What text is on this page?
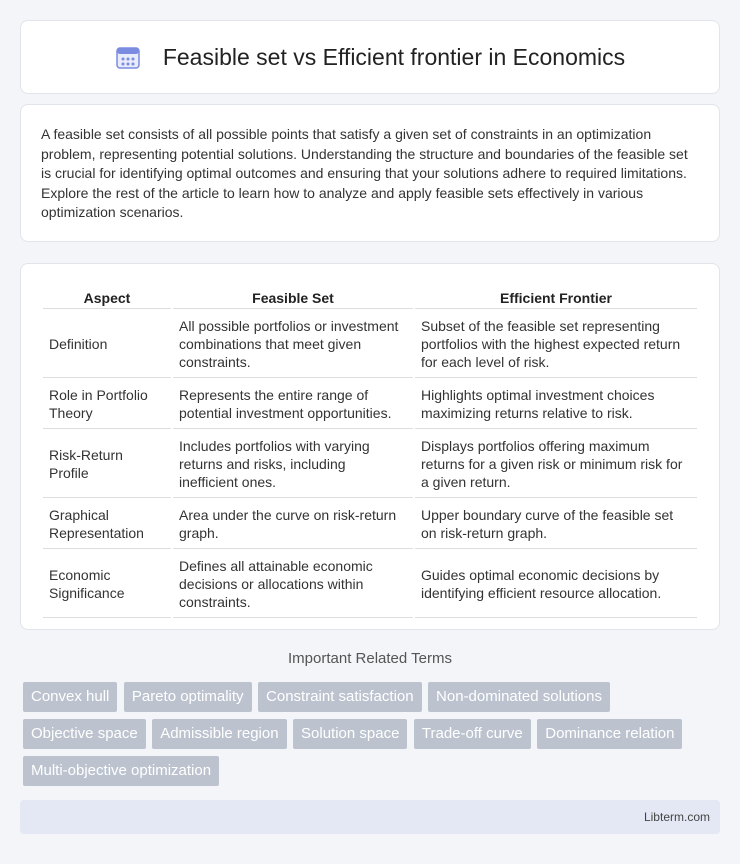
Feasible set vs Efficient frontier in Economics

A feasible set consists of all possible points that satisfy a given set of constraints in an optimization problem, representing potential solutions. Understanding the structure and boundaries of the feasible set is crucial for identifying optimal outcomes and ensuring that your solutions adhere to required limitations. Explore the rest of the article to learn how to analyze and apply feasible sets effectively in various optimization scenarios.

Aspect	Feasible Set	Efficient Frontier
Definition	All possible portfolios or investment combinations that meet given constraints.	Subset of the feasible set representing portfolios with the highest expected return for each level of risk.
Role in Portfolio Theory	Represents the entire range of potential investment opportunities.	Highlights optimal investment choices maximizing returns relative to risk.
Risk-Return Profile	Includes portfolios with varying returns and risks, including inefficient ones.	Displays portfolios offering maximum returns for a given risk or minimum risk for a given return.
Graphical Representation	Area under the curve on risk-return graph.	Upper boundary curve of the feasible set on risk-return graph.
Economic Significance	Defines all attainable economic decisions or allocations within constraints.	Guides optimal economic decisions by identifying efficient resource allocation.
Important Related Terms
Convex hull Pareto optimality Constraint satisfaction Non-dominated solutions Objective space Admissible region Solution space Trade-off curve Dominance relation Multi-objective optimization
Libterm.com
